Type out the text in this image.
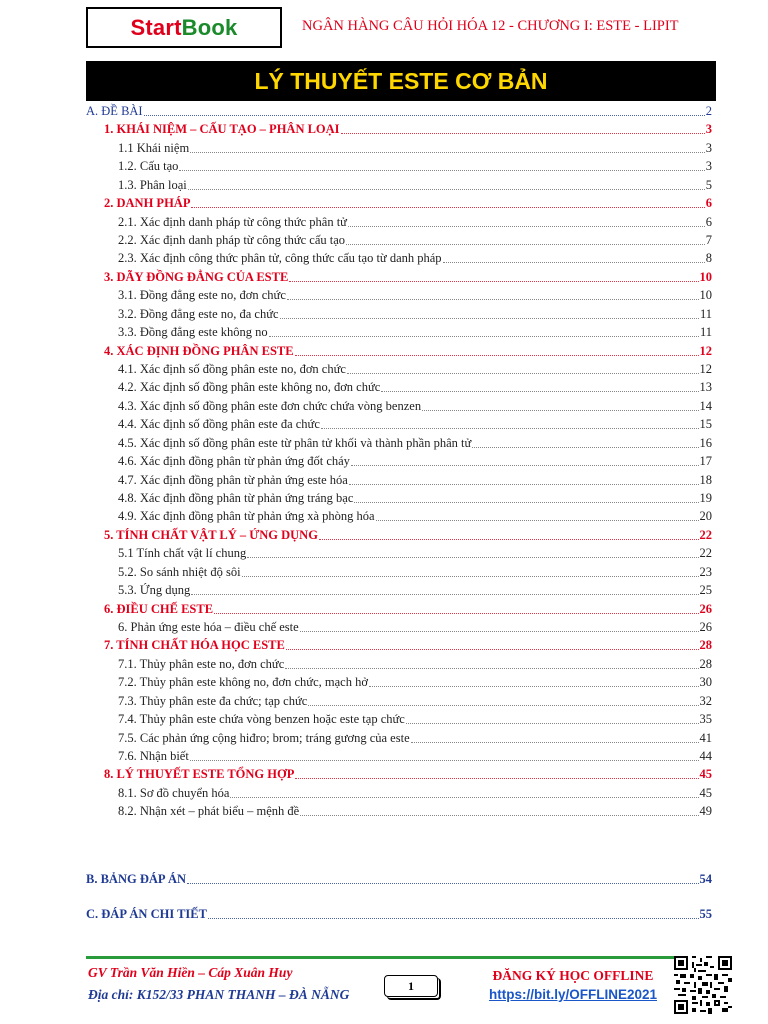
Start Book	NGÂN HÀNG CÂU HỎI HÓA 12 - CHƯƠNG I: ESTE - LIPIT
LÝ THUYẾT ESTE CƠ BẢN
A. ĐỀ BÀI	2
1. KHÁI NIỆM – CẤU TẠO – PHÂN LOẠI	3
1.1 Khái niệm	3
1.2. Cấu tạo	3
1.3. Phân loại	5
2. DANH PHÁP	6
2.1. Xác định danh pháp từ công thức phân tử	6
2.2. Xác định danh pháp từ công thức cấu tạo	7
2.3. Xác định công thức phân tử, công thức cấu tạo từ danh pháp	8
3. DÃY ĐỒNG ĐẲNG CỦA ESTE	10
3.1. Đồng đẳng este no, đơn chức	10
3.2. Đồng đẳng este no, đa chức	11
3.3. Đồng đẳng este không no	11
4. XÁC ĐỊNH ĐỒNG PHÂN ESTE	12
4.1. Xác định số đồng phân este no, đơn chức	12
4.2. Xác định số đồng phân este không no, đơn chức	13
4.3. Xác định số đồng phân este đơn chức chứa vòng benzen	14
4.4. Xác định số đồng phân este đa chức	15
4.5. Xác định số đồng phân este từ phân tử khối và thành phần phân tử	16
4.6. Xác định đồng phân từ phản ứng đốt cháy	17
4.7. Xác định đồng phân từ phản ứng este hóa	18
4.8. Xác định đồng phân từ phản ứng tráng bạc	19
4.9. Xác định đồng phân từ phản ứng xà phòng hóa	20
5. TÍNH CHẤT VẬT LÝ – ỨNG DỤNG	22
5.1 Tính chất vật lí chung	22
5.2. So sánh nhiệt độ sôi	23
5.3. Ứng dụng	25
6. ĐIỀU CHẾ ESTE	26
6. Phản ứng este hóa – điều chế este	26
7. TÍNH CHẤT HÓA HỌC ESTE	28
7.1. Thủy phân este no, đơn chức	28
7.2. Thủy phân este không no, đơn chức, mạch hở	30
7.3. Thủy phân este đa chức; tạp chức	32
7.4. Thủy phân este chứa vòng benzen hoặc este tạp chức	35
7.5. Các phản ứng cộng hiđro; brom; tráng gương của este	41
7.6. Nhận biết	44
8. LÝ THUYẾT ESTE TỔNG HỢP	45
8.1. Sơ đồ chuyển hóa	45
8.2. Nhận xét – phát biểu – mệnh đề	49
B. BẢNG ĐÁP ÁN	54
C. ĐÁP ÁN CHI TIẾT	55
GV Trần Văn Hiền – Cáp Xuân Huy
Địa chỉ: K152/33 PHAN THANH – ĐÀ NẴNG
1
ĐĂNG KÝ HỌC OFFLINE
https://bit.ly/OFFLINE2021
